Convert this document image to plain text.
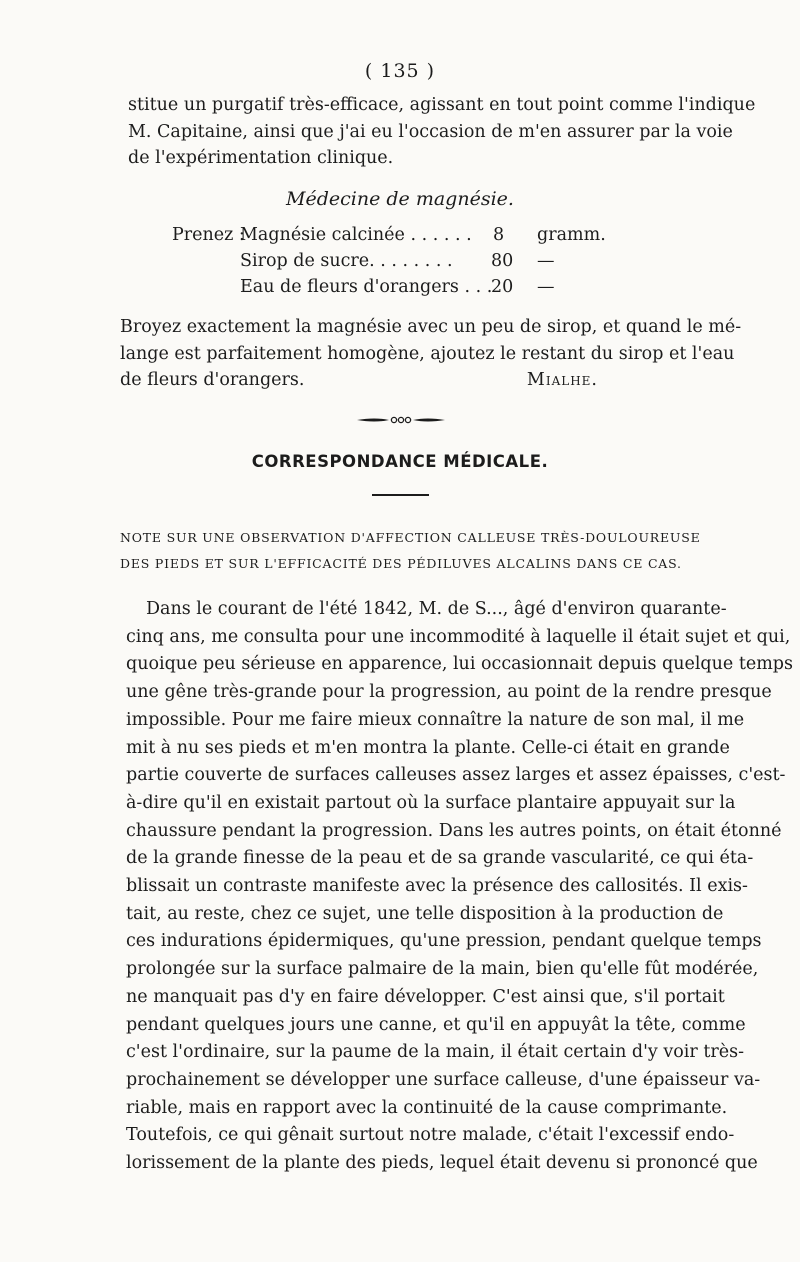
( 135 )

stitue un purgatif très-efficace, agissant en tout point comme l'indique
M. Capitaine, ainsi que j'ai eu l'occasion de m'en assurer par la voie
de l'expérimentation clinique.

Médecine de magnésie.
Prenez :
Magnésie calcinée . . . . . . 8 gramm.
Sirop de sucre. . . . . . . . 80 —
Eau de fleurs d'orangers . . .
20 —

Broyez exactement la magnésie avec un peu de sirop, et quand le mé-
lange est parfaitement homogène, ajoutez le restant du sirop et l'eau
de fleurs d'orangers.	Mialhe.

CORRESPONDANCE MÉDICALE.

NOTE SUR UNE OBSERVATION D'AFFECTION CALLEUSE TRÈS-DOULOUREUSE
DES PIEDS ET SUR L'EFFICACITÉ DES PÉDILUVES ALCALINS DANS CE CAS.

Dans le courant de l'été 1842, M. de S..., âgé d'environ quarante-
cinq ans, me consulta pour une incommodité à laquelle il était sujet et qui,
quoique peu sérieuse en apparence, lui occasionnait depuis quelque temps
une gêne très-grande pour la progression, au point de la rendre presque
impossible. Pour me faire mieux connaître la nature de son mal, il me
mit à nu ses pieds et m'en montra la plante. Celle-ci était en grande
partie couverte de surfaces calleuses assez larges et assez épaisses, c'est-
à-dire qu'il en existait partout où la surface plantaire appuyait sur la
chaussure pendant la progression. Dans les autres points, on était étonné
de la grande finesse de la peau et de sa grande vascularité, ce qui éta-
blissait un contraste manifeste avec la présence des callosités. Il exis-
tait, au reste, chez ce sujet, une telle disposition à la production de
ces indurations épidermiques, qu'une pression, pendant quelque temps
prolongée sur la surface palmaire de la main, bien qu'elle fût modérée,
ne manquait pas d'y en faire développer. C'est ainsi que, s'il portait
pendant quelques jours une canne, et qu'il en appuyât la tête, comme
c'est l'ordinaire, sur la paume de la main, il était certain d'y voir très-
prochainement se développer une surface calleuse, d'une épaisseur va-
riable, mais en rapport avec la continuité de la cause comprimante.
Toutefois, ce qui gênait surtout notre malade, c'était l'excessif endo-
lorissement de la plante des pieds, lequel était devenu si prononcé que
